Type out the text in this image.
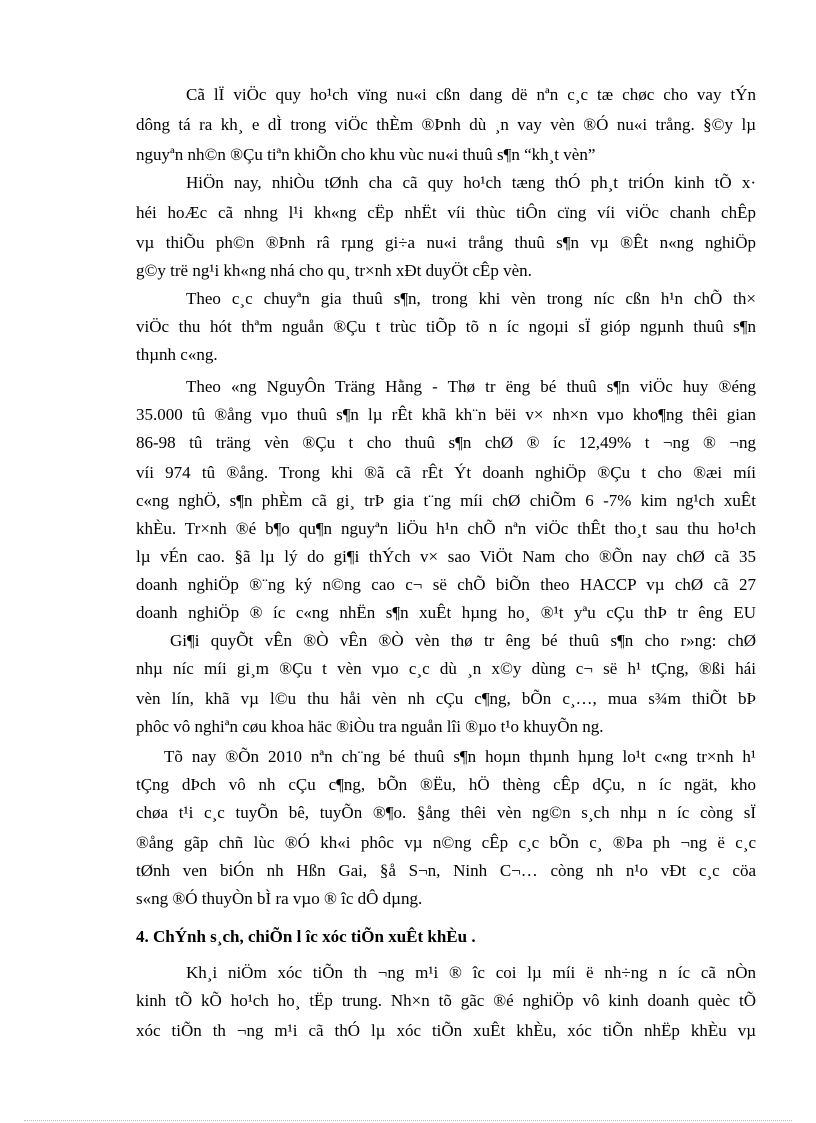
Cã lÏ viÖc quy ho¹ch vïng nu«i cßn dang dë nªn c¸c tæ chøc cho vay tÝn
dông tá ra kh¸ e dÌ trong viÖc thÈm ®Þnh dù ¸n vay vèn ®Ó nu«i trång. §©y lµ
nguyªn nh©n ®Çu tiªn khiÕn cho khu vùc nu«i thuû s¶n “kh¸t vèn”
HiÖn nay, nhiÒu tØnh cha cã quy ho¹ch tæng thÓ ph¸t triÓn kinh tÕ x·
héi hoÆc cã nhng l¹i kh«ng cËp nhËt víi thùc tiÔn cïng víi viÖc chanh chÊp
vµ thiÕu ph©n ®Þnh râ rµng gi÷a nu«i trång thuû s¶n vµ ®Êt n«ng nghiÖp
g©y trë ng¹i kh«ng nhá cho qu¸ tr×nh xÐt duyÖt cÊp vèn.
Theo c¸c chuyªn gia thuû s¶n, trong khi vèn trong níc cßn h¹n chÕ th×
viÖc thu hót thªm nguån ®Çu t trùc tiÕp tõ n íc ngoµi sÏ gióp ngµnh thuû s¶n
thµnh c«ng.
Theo «ng NguyÔn Träng Hằng - Thø tr ëng bé thuû s¶n viÖc huy ®éng
35.000 tû ®ång vµo thuû s¶n lµ rÊt khã kh¨n bëi v× nh×n vµo kho¶ng thêi gian
86-98 tû träng vèn ®Çu t cho thuû s¶n chØ ® íc 12,49% t ¬ng ® ¬ng
víi 974 tû ®ång. Trong khi ®ã cã rÊt Ýt doanh nghiÖp ®Çu t cho ®æi míi
c«ng nghÖ, s¶n phÈm cã gi¸ trÞ gia t¨ng míi chØ chiÕm 6 -7% kim ng¹ch xuÊt
khÈu. Tr×nh ®é b¶o qu¶n nguyªn liÖu h¹n chÕ nªn viÖc thÊt tho¸t sau thu ho¹ch
lµ vÉn cao. §ã lµ lý do gi¶i thÝch v× sao ViÖt Nam cho ®Õn nay chØ cã 35
doanh nghiÖp ®¨ng ký n©ng cao c¬ së chÕ biÕn theo HACCP vµ chØ cã 27
doanh nghiÖp ® íc c«ng nhËn s¶n xuÊt hµng ho¸ ®¹t yªu cÇu thÞ tr êng EU
Gi¶i quyÕt vÊn ®Ò vÊn ®Ò vèn thø tr êng bé thuû s¶n cho r»ng: chØ
nhµ níc míi gi¸m ®Çu t vèn vµo c¸c dù ¸n x©y dùng c¬ së h¹ tÇng, ®ßi hái
vèn lín, khã vµ l©u thu håi vèn nh cÇu c¶ng, bÕn c¸…, mua s¾m thiÕt bÞ
phôc vô nghiªn cøu khoa häc ®iÒu tra nguån lîi ®µo t¹o khuyÕn ng.
Tõ nay ®Õn 2010 nªn ch¨ng bé thuû s¶n hoµn thµnh hµng lo¹t c«ng tr×nh h¹
tÇng dÞch vô nh cÇu c¶ng, bÕn ®Ëu, hÖ thèng cÊp dÇu, n íc ngät, kho
chøa t¹i c¸c tuyÕn bê, tuyÕn ®¶o. §ång thêi vèn ng©n s¸ch nhµ n íc còng sÏ
®ång gãp chñ lùc ®Ó kh«i phôc vµ n©ng cÊp c¸c bÕn c¸ ®Þa ph ¬ng ë c¸c
tØnh ven biÓn nh Hßn Gai, §å S¬n, Ninh C¬… còng nh n¹o vÐt c¸c cöa
s«ng ®Ó thuyÒn bÌ ra vµo ® îc dÔ dµng.
4. ChÝnh s¸ch, chiÕn l îc xóc tiÕn xuÊt khÈu .
Kh¸i niÖm xóc tiÕn th ¬ng m¹i ® îc coi lµ míi ë nh÷ng n íc cã nÒn
kinh tÕ kÕ ho¹ch ho¸ tËp trung. Nh×n tõ gãc ®é nghiÖp vô kinh doanh quèc tÕ
xóc tiÕn th ¬ng m¹i cã thÓ lµ xóc tiÕn xuÊt khÈu, xóc tiÕn nhËp khÈu vµ
